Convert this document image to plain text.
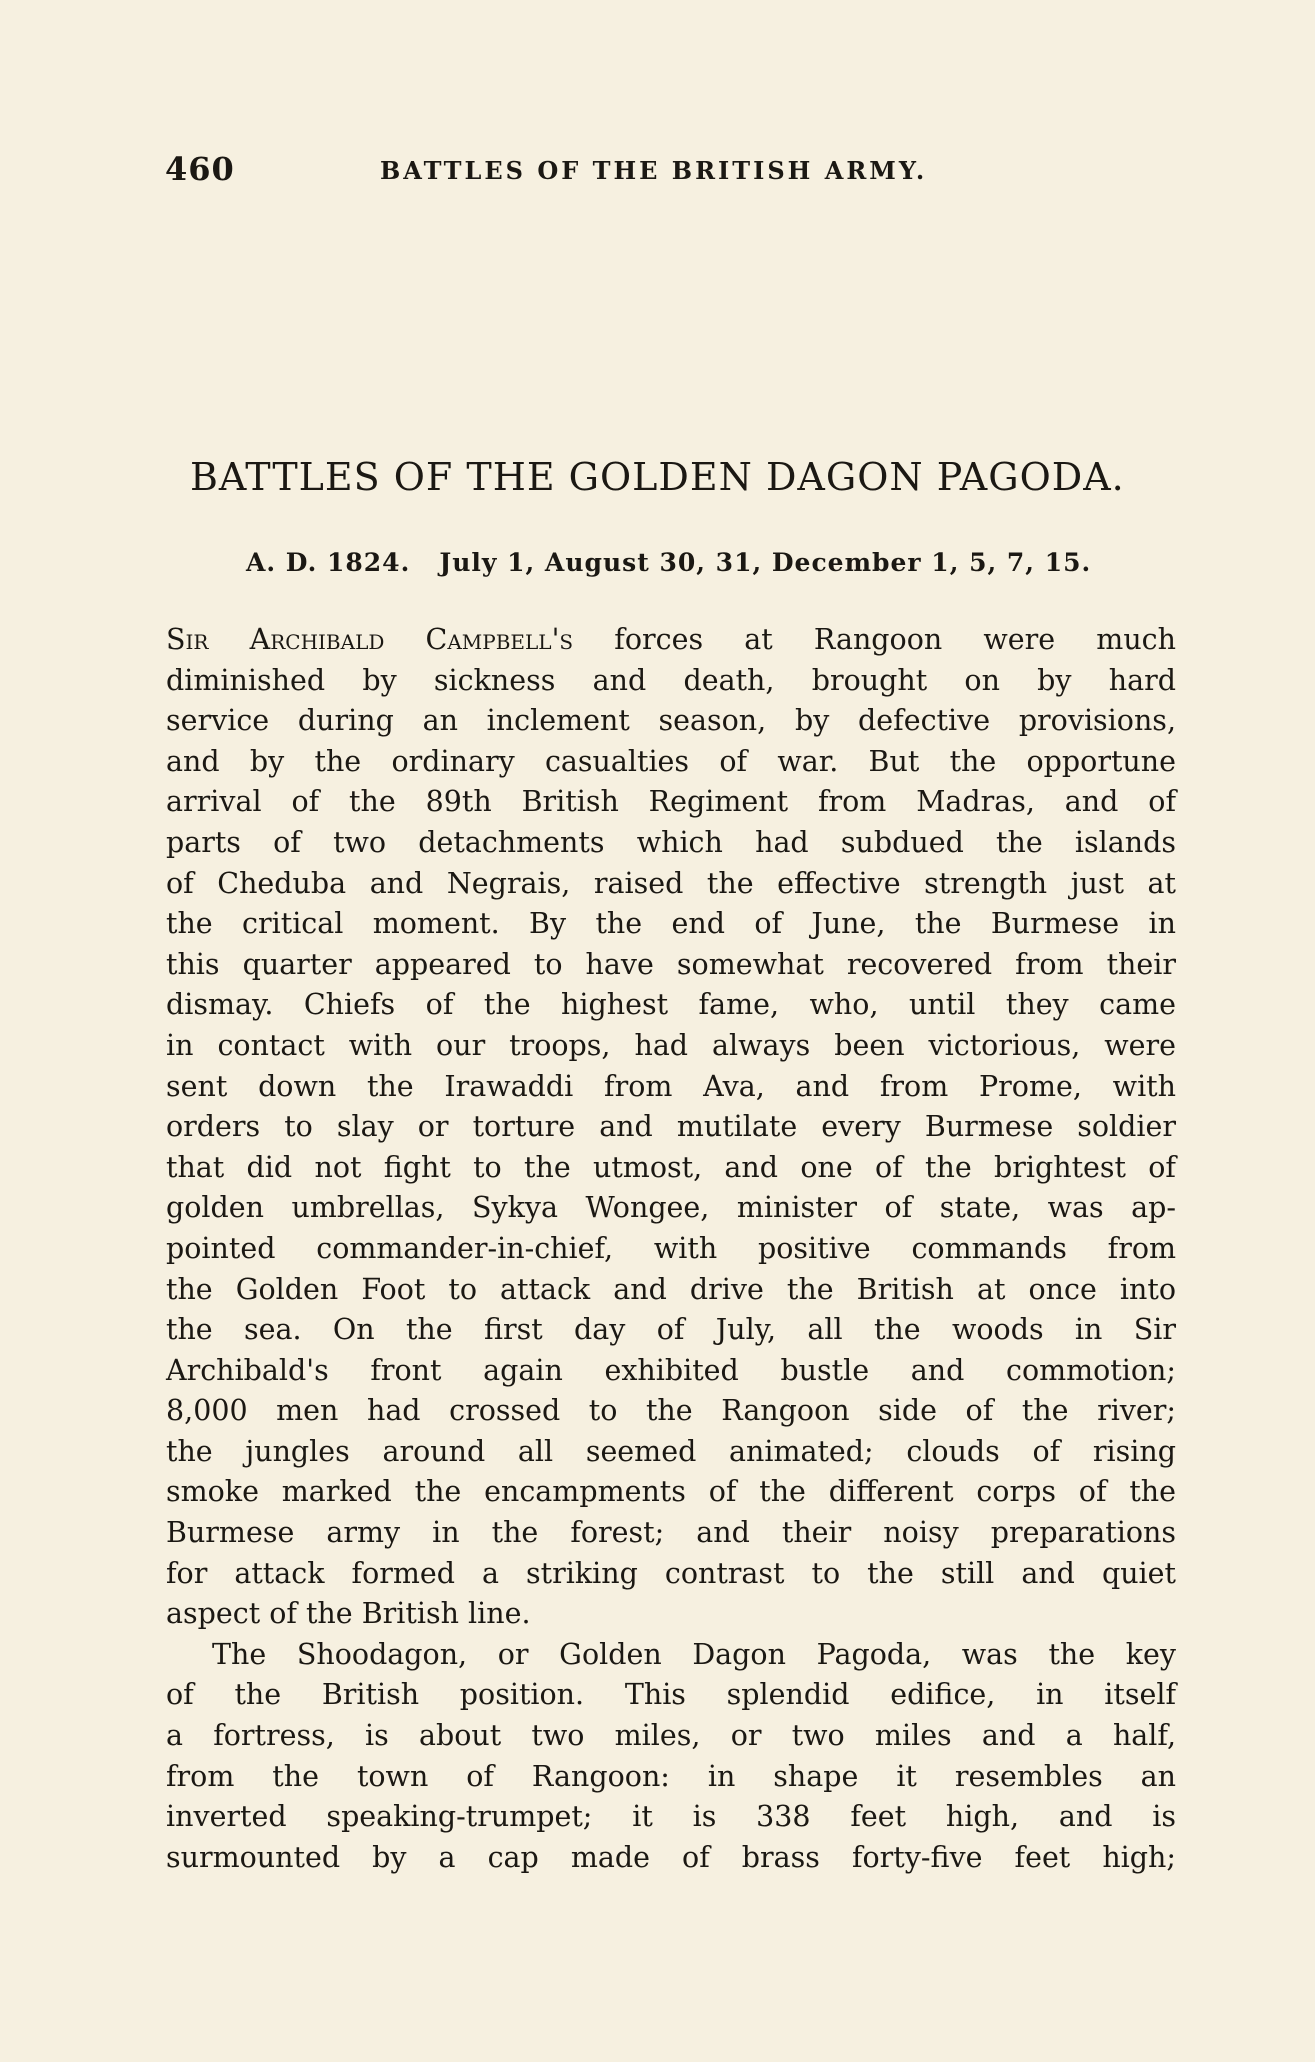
460	BATTLES OF THE BRITISH ARMY.
BATTLES OF THE GOLDEN DAGON PAGODA.
A. D. 1824.   July 1, August 30, 31, December 1, 5, 7, 15.
Sir Archibald Campbell's forces at Rangoon were much
diminished by sickness and death, brought on by hard
service during an inclement season, by defective provisions,
and by the ordinary casualties of war. But the opportune
arrival of the 89th British Regiment from Madras, and of
parts of two detachments which had subdued the islands
of Cheduba and Negrais, raised the effective strength just at
the critical moment. By the end of June, the Burmese in
this quarter appeared to have somewhat recovered from their
dismay. Chiefs of the highest fame, who, until they came
in contact with our troops, had always been victorious, were
sent down the Irawaddi from Ava, and from Prome, with
orders to slay or torture and mutilate every Burmese soldier
that did not fight to the utmost, and one of the brightest of
golden umbrellas, Sykya Wongee, minister of state, was ap-
pointed commander-in-chief, with positive commands from
the Golden Foot to attack and drive the British at once into
the sea. On the first day of July, all the woods in Sir
Archibald's front again exhibited bustle and commotion;
8,000 men had crossed to the Rangoon side of the river;
the jungles around all seemed animated; clouds of rising
smoke marked the encampments of the different corps of the
Burmese army in the forest; and their noisy preparations
for attack formed a striking contrast to the still and quiet
aspect of the British line.
The Shoodagon, or Golden Dagon Pagoda, was the key
of the British position. This splendid edifice, in itself
a fortress, is about two miles, or two miles and a half,
from the town of Rangoon: in shape it resembles an
inverted speaking-trumpet; it is 338 feet high, and is
surmounted by a cap made of brass forty-five feet high;
